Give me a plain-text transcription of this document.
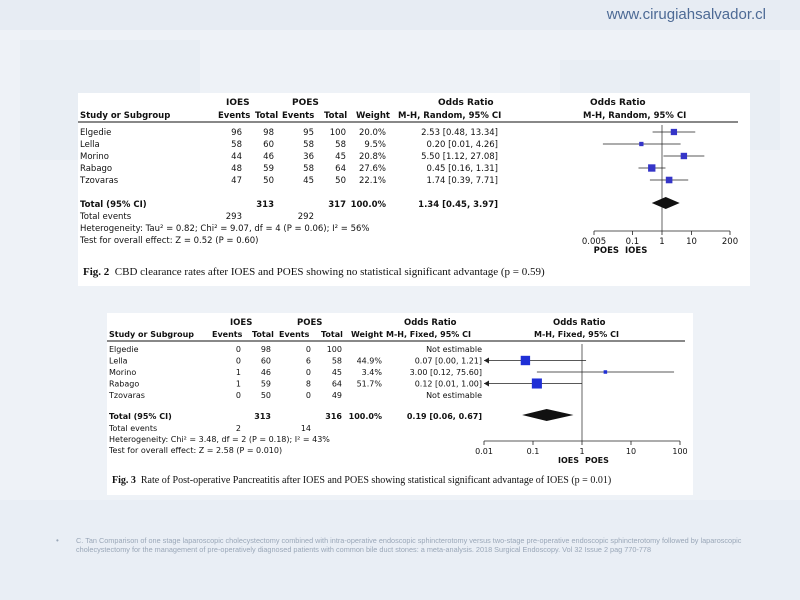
www.cirugiahsalvador.cl
IOES	POES	Odds Ratio	Odds Ratio
Study or Subgroup	Events Total Events Total Weight M-H, Random, 95% CI	M-H, Random, 95% CI
Elgedie	96 98	95 100 20.0%	2.53 [0.48, 13.34]
Lella	58 60	58 58 9.5%	0.20 [0.01, 4.26]
Morino	44 46	36 45 20.8%	5.50 [1.12, 27.08]
Rabago	48 59	58 64 27.6%	0.45 [0.16, 1.31]
Tzovaras	47 50	45 50 22.1%	1.74 [0.39, 7.71]
Total (95% CI)	313	317 100.0%	1.34 [0.45, 3.97]
Total events	293	292
Heterogeneity: Tau² = 0.82; Chi² = 9.07, df = 4 (P = 0.06); I² = 56%
Test for overall effect: Z = 0.52 (P = 0.60)	0.005 0.1 1	10	200
POES IOES
Fig. 2 CBD clearance rates after IOES and POES showing no statistical significant advantage (p = 0.59)
IOES	POES	Odds Ratio	Odds Ratio
Study or Subgroup Events Total Events Total Weight M-H, Fixed, 95% CI	M-H, Fixed, 95% CI
Elgedie	0 98	0 100	Not estimable
Lella	0 60	6	58 44.9%	0.07 [0.00, 1.21]
Morino	1 46	0	45 3.4%	3.00 [0.12, 75.60]
Rabago	1 59	8	64 51.7%	0.12 [0.01, 1.00]
Tzovaras	0 50	0	49	Not estimable
Total (95% CI)	313	316 100.0%	0.19 [0.06, 0.67]
Total events	2	14
Heterogeneity: Chi² = 3.48, df = 2 (P = 0.18); I² = 43%
Test for overall effect: Z = 2.58 (P = 0.010)	0.01	0.1	1	10	100
IOES POES
Fig. 3 Rate of Post-operative Pancreatitis after IOES and POES showing statistical significant advantage of IOES (p = 0.01)
• C. Tan Comparison of one stage laparoscopic cholecystectomy combined with intra-operative endoscopic sphincterotomy versus two-stage pre-operative endoscopic sphincterotomy followed by laparoscopic cholecystectomy for the management of pre-operatively diagnosed patients with common bile duct stones: a meta-analysis. 2018 Surgical Endoscopy. Vol 32 Issue 2 pag 770-778
